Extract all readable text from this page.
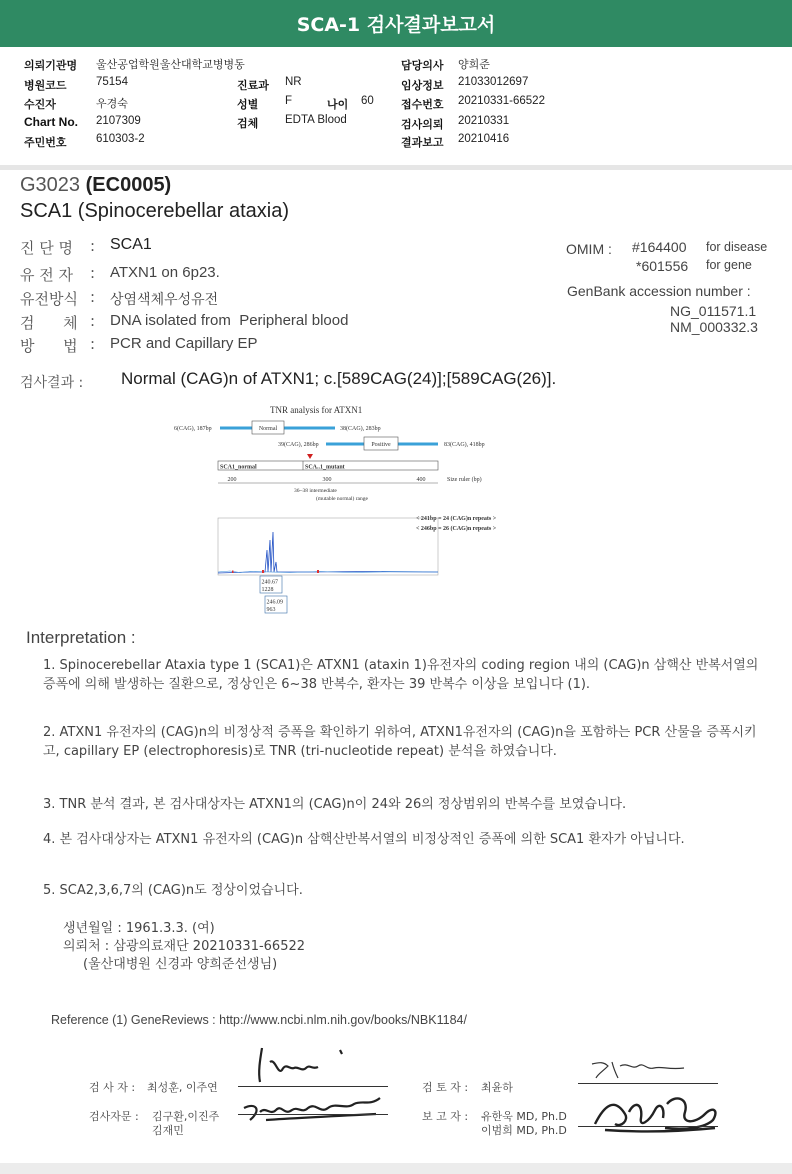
SCA-1 검사결과보고서
의뢰기관명 울산공업학원울산대학교병병동
병원코드	75154
수진자	우경숙
Chart No. 2107309
주민번호	610303-2
진료과 NR
성별 F	나이 60
검체 EDTA Blood
담당의사 양희준
임상정보 21033012697
접수번호 20210331-66522
검사의뢰 20210331
결과보고 20210416
G3023 (EC0005)
SCA1 (Spinocerebellar ataxia)
진 단 명 : SCA1
유 전 자 : ATXN1 on 6p23.
유전방식 : 상염색체우성유전
검      체 : DNA isolated from  Peripheral blood
방      법 : PCR and Capillary EP
OMIM : #164400 for disease
*601556 for gene
GenBank accession number :
NG_011571.1
NM_000332.3
검사결과 : Normal (CAG)n of ATXN1; c.[589CAG(24)];[589CAG(26)].
TNR analysis for ATXN1
6(CAG), 187bp	Normal	38(CAG), 283bp
39(CAG), 286bp	Positive	83(CAG), 418bp
SCA1_normal	SCA..1_mutant
200	300	400	Size ruler (bp)
36~38 intermediate
(mutable normal) range
< 241bp = 24 (CAG)n repeats >
< 246bp = 26 (CAG)n repeats >
240.67
1228
246.09
963
Interpretation :
1. Spinocerebellar Ataxia type 1 (SCA1)은 ATXN1 (ataxin 1)유전자의 coding region 내의 (CAG)n 삼핵산 반복서열의 증폭에 의해 발생하는 질환으로, 정상인은 6~38 반복수, 환자는 39 반복수 이상을 보입니다 (1).
2. ATXN1 유전자의 (CAG)n의 비정상적 증폭을 확인하기 위하여, ATXN1유전자의 (CAG)n을 포함하는 PCR 산물을 증폭시키고, capillary EP (electrophoresis)로 TNR (tri-nucleotide repeat) 분석을 하였습니다.
3. TNR 분석 결과, 본 검사대상자는 ATXN1의 (CAG)n이 24와 26의 정상범위의 반복수를 보였습니다.
4. 본 검사대상자는 ATXN1 유전자의 (CAG)n 삼핵산반복서열의 비정상적인 증폭에 의한 SCA1 환자가 아닙니다.
5. SCA2,3,6,7의 (CAG)n도 정상이었습니다.
생년월일 : 1961.3.3. (여)
의뢰처 : 삼광의료재단 20210331-66522
(울산대병원 신경과 양희준선생님)
Reference (1) GeneReviews : http://www.ncbi.nlm.nih.gov/books/NBK1184/
검 사 자 : 최성훈, 이주연
검사자문 : 김구환,이진주
김재민
검 토 자 : 최윤하
보 고 자 : 유한욱 MD, Ph.D
이범희 MD, Ph.D
